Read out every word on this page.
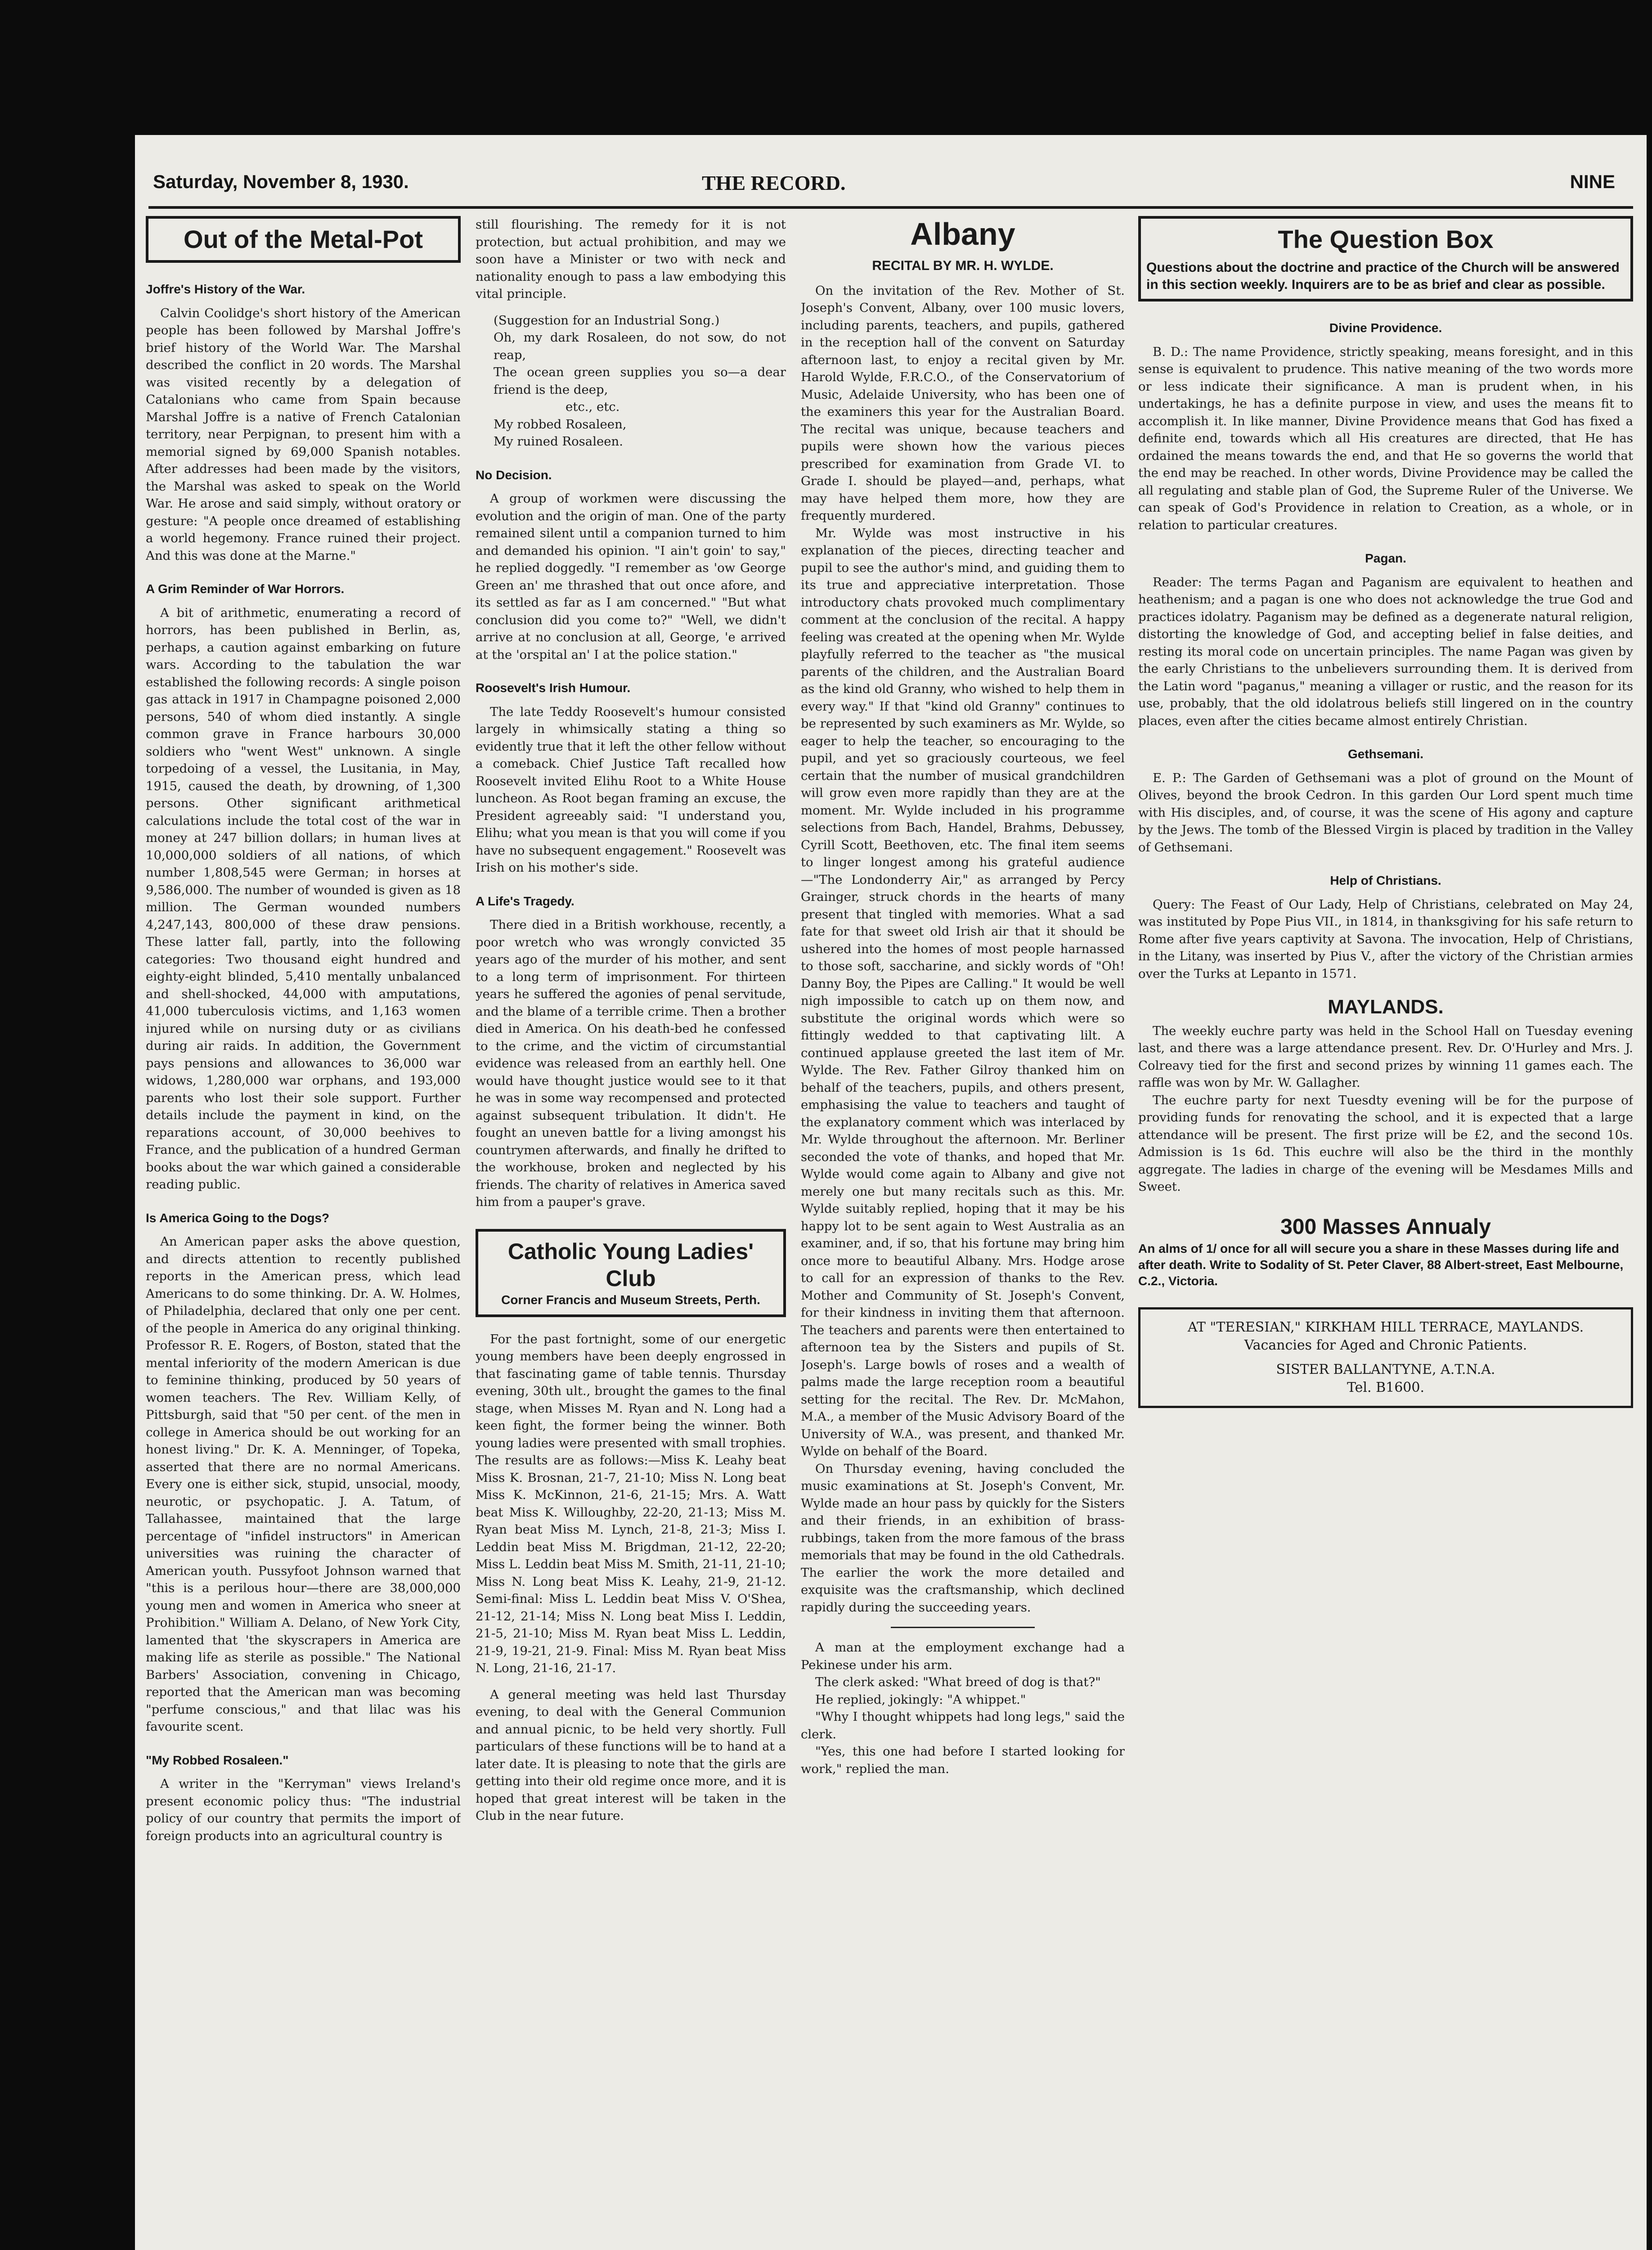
Saturday, November 8, 1930.	THE RECORD.	NINE
Out of the Metal-Pot
Joffre's History of the War.

Calvin Coolidge's short history of the American people has been followed by Marshal Joffre's brief history of the World War. The Marshal described the conflict in 20 words. The Marshal was visited recently by a delegation of Catalonians who came from Spain because Marshal Joffre is a native of French Catalonian territory, near Perpignan, to present him with a memorial signed by 69,000 Spanish notables. After addresses had been made by the visitors, the Marshal was asked to speak on the World War. He arose and said simply, without oratory or gesture: "A people once dreamed of establishing a world hegemony. France ruined their project. And this was done at the Marne."

A Grim Reminder of War Horrors.

A bit of arithmetic, enumerating a record of horrors, has been published in Berlin, as, perhaps, a caution against embarking on future wars. According to the tabulation the war established the following records: A single poison gas attack in 1917 in Champagne poisoned 2,000 persons, 540 of whom died instantly. A single common grave in France harbours 30,000 soldiers who "went West" unknown. A single torpedoing of a vessel, the Lusitania, in May, 1915, caused the death, by drowning, of 1,300 persons. Other significant arithmetical calculations include the total cost of the war in money at 247 billion dollars; in human lives at 10,000,000 soldiers of all nations, of which number 1,808,545 were German; in horses at 9,586,000. The number of wounded is given as 18 million. The German wounded numbers 4,247,143, 800,000 of these draw pensions. These latter fall, partly, into the following categories: Two thousand eight hundred and eighty-eight blinded, 5,410 mentally unbalanced and shell-shocked, 44,000 with amputations, 41,000 tuberculosis victims, and 1,163 women injured while on nursing duty or as civilians during air raids. In addition, the Government pays pensions and allowances to 36,000 war widows, 1,280,000 war orphans, and 193,000 parents who lost their sole support. Further details include the payment in kind, on the reparations account, of 30,000 beehives to France, and the publication of a hundred German books about the war which gained a considerable reading public.

Is America Going to the Dogs?

An American paper asks the above question, and directs attention to recently published reports in the American press, which lead Americans to do some thinking. Dr. A. W. Holmes, of Philadelphia, declared that only one per cent. of the people in America do any original thinking. Professor R. E. Rogers, of Boston, stated that the mental inferiority of the modern American is due to feminine thinking, produced by 50 years of women teachers. The Rev. William Kelly, of Pittsburgh, said that "50 per cent. of the men in college in America should be out working for an honest living." Dr. K. A. Menninger, of Topeka, asserted that there are no normal Americans. Every one is either sick, stupid, unsocial, moody, neurotic, or psychopatic. J. A. Tatum, of Tallahassee, maintained that the large percentage of "infidel instructors" in American universities was ruining the character of American youth. Pussyfoot Johnson warned that "this is a perilous hour—there are 38,000,000 young men and women in America who sneer at Prohibition." William A. Delano, of New York City, lamented that 'the skyscrapers in America are making life as sterile as possible." The National Barbers' Association, convening in Chicago, reported that the American man was becoming "perfume conscious," and that lilac was his favourite scent.

"My Robbed Rosaleen."

A writer in the "Kerryman" views Ireland's present economic policy thus: "The industrial policy of our country that permits the import of foreign products into an agricultural country is

still flourishing. The remedy for it is not protection, but actual prohibition, and may we soon have a Minister or two with neck and nationality enough to pass a law embodying this vital principle.

(Suggestion for an Industrial Song.)

Oh, my dark Rosaleen, do not sow, do not reap,

The ocean green supplies you so—a dear friend is the deep,

etc., etc.

My robbed Rosaleen,

My ruined Rosaleen.

No Decision.

A group of workmen were discussing the evolution and the origin of man. One of the party remained silent until a companion turned to him and demanded his opinion. "I ain't goin' to say," he replied doggedly. "I remember as 'ow George Green an' me thrashed that out once afore, and its settled as far as I am concerned." "But what conclusion did you come to?" "Well, we didn't arrive at no conclusion at all, George, 'e arrived at the 'orspital an' I at the police station."

Roosevelt's Irish Humour.

The late Teddy Roosevelt's humour consisted largely in whimsically stating a thing so evidently true that it left the other fellow without a comeback. Chief Justice Taft recalled how Roosevelt invited Elihu Root to a White House luncheon. As Root began framing an excuse, the President agreeably said: "I understand you, Elihu; what you mean is that you will come if you have no subsequent engagement." Roosevelt was Irish on his mother's side.

A Life's Tragedy.

There died in a British workhouse, recently, a poor wretch who was wrongly convicted 35 years ago of the murder of his mother, and sent to a long term of imprisonment. For thirteen years he suffered the agonies of penal servitude, and the blame of a terrible crime. Then a brother died in America. On his death-bed he confessed to the crime, and the victim of circumstantial evidence was released from an earthly hell. One would have thought justice would see to it that he was in some way recompensed and protected against subsequent tribulation. It didn't. He fought an uneven battle for a living amongst his countrymen afterwards, and finally he drifted to the workhouse, broken and neglected by his friends. The charity of relatives in America saved him from a pauper's grave.

Catholic Young Ladies' Club
Corner Francis and Museum Streets, Perth.

For the past fortnight, some of our energetic young members have been deeply engrossed in that fascinating game of table tennis. Thursday evening, 30th ult., brought the games to the final stage, when Misses M. Ryan and N. Long had a keen fight, the former being the winner. Both young ladies were presented with small trophies. The results are as follows:—Miss K. Leahy beat Miss K. Brosnan, 21-7, 21-10; Miss N. Long beat Miss K. McKinnon, 21-6, 21-15; Mrs. A. Watt beat Miss K. Willoughby, 22-20, 21-13; Miss M. Ryan beat Miss M. Lynch, 21-8, 21-3; Miss I. Leddin beat Miss M. Brigdman, 21-12, 22-20; Miss L. Leddin beat Miss M. Smith, 21-11, 21-10; Miss N. Long beat Miss K. Leahy, 21-9, 21-12. Semi-final: Miss L. Leddin beat Miss V. O'Shea, 21-12, 21-14; Miss N. Long beat Miss I. Leddin, 21-5, 21-10; Miss M. Ryan beat Miss L. Leddin, 21-9, 19-21, 21-9. Final: Miss M. Ryan beat Miss N. Long, 21-16, 21-17.

A general meeting was held last Thursday evening, to deal with the General Communion and annual picnic, to be held very shortly. Full particulars of these functions will be to hand at a later date. It is pleasing to note that the girls are getting into their old regime once more, and it is hoped that great interest will be taken in the Club in the near future.

Albany
RECITAL BY MR. H. WYLDE.

On the invitation of the Rev. Mother of St. Joseph's Convent, Albany, over 100 music lovers, including parents, teachers, and pupils, gathered in the reception hall of the convent on Saturday afternoon last, to enjoy a recital given by Mr. Harold Wylde, F.R.C.O., of the Conservatorium of Music, Adelaide University, who has been one of the examiners this year for the Australian Board. The recital was unique, because teachers and pupils were shown how the various pieces prescribed for examination from Grade VI. to Grade I. should be played—and, perhaps, what may have helped them more, how they are frequently murdered.

Mr. Wylde was most instructive in his explanation of the pieces, directing teacher and pupil to see the author's mind, and guiding them to its true and appreciative interpretation. Those introductory chats provoked much complimentary comment at the conclusion of the recital. A happy feeling was created at the opening when Mr. Wylde playfully referred to the teacher as "the musical parents of the children, and the Australian Board as the kind old Granny, who wished to help them in every way." If that "kind old Granny" continues to be represented by such examiners as Mr. Wylde, so eager to help the teacher, so encouraging to the pupil, and yet so graciously courteous, we feel certain that the number of musical grandchildren will grow even more rapidly than they are at the moment. Mr. Wylde included in his programme selections from Bach, Handel, Brahms, Debussey, Cyrill Scott, Beethoven, etc. The final item seems to linger longest among his grateful audience—"The Londonderry Air," as arranged by Percy Grainger, struck chords in the hearts of many present that tingled with memories. What a sad fate for that sweet old Irish air that it should be ushered into the homes of most people harnassed to those soft, saccharine, and sickly words of "Oh! Danny Boy, the Pipes are Calling." It would be well nigh impossible to catch up on them now, and substitute the original words which were so fittingly wedded to that captivating lilt. A continued applause greeted the last item of Mr. Wylde. The Rev. Father Gilroy thanked him on behalf of the teachers, pupils, and others present, emphasising the value to teachers and taught of the explanatory comment which was interlaced by Mr. Wylde throughout the afternoon. Mr. Berliner seconded the vote of thanks, and hoped that Mr. Wylde would come again to Albany and give not merely one but many recitals such as this. Mr. Wylde suitably replied, hoping that it may be his happy lot to be sent again to West Australia as an examiner, and, if so, that his fortune may bring him once more to beautiful Albany. Mrs. Hodge arose to call for an expression of thanks to the Rev. Mother and Community of St. Joseph's Convent, for their kindness in inviting them that afternoon. The teachers and parents were then entertained to afternoon tea by the Sisters and pupils of St. Joseph's. Large bowls of roses and a wealth of palms made the large reception room a beautiful setting for the recital. The Rev. Dr. McMahon, M.A., a member of the Music Advisory Board of the University of W.A., was present, and thanked Mr. Wylde on behalf of the Board.

On Thursday evening, having concluded the music examinations at St. Joseph's Convent, Mr. Wylde made an hour pass by quickly for the Sisters and their friends, in an exhibition of brass-rubbings, taken from the more famous of the brass memorials that may be found in the old Cathedrals. The earlier the work the more detailed and exquisite was the craftsmanship, which declined rapidly during the succeeding years.

A man at the employment exchange had a Pekinese under his arm.

The clerk asked: "What breed of dog is that?"

He replied, jokingly: "A whippet."

"Why I thought whippets had long legs," said the clerk.

"Yes, this one had before I started looking for work," replied the man.

The Question Box
Questions about the doctrine and practice of the Church will be answered in this section weekly. Inquirers are to be as brief and clear as possible.
Divine Providence.

B. D.: The name Providence, strictly speaking, means foresight, and in this sense is equivalent to prudence. This native meaning of the two words more or less indicate their significance. A man is prudent when, in his undertakings, he has a definite purpose in view, and uses the means fit to accomplish it. In like manner, Divine Providence means that God has fixed a definite end, towards which all His creatures are directed, that He has ordained the means towards the end, and that He so governs the world that the end may be reached. In other words, Divine Providence may be called the all regulating and stable plan of God, the Supreme Ruler of the Universe. We can speak of God's Providence in relation to Creation, as a whole, or in relation to particular creatures.

Pagan.

Reader: The terms Pagan and Paganism are equivalent to heathen and heathenism; and a pagan is one who does not acknowledge the true God and practices idolatry. Paganism may be defined as a degenerate natural religion, distorting the knowledge of God, and accepting belief in false deities, and resting its moral code on uncertain principles. The name Pagan was given by the early Christians to the unbelievers surrounding them. It is derived from the Latin word "paganus," meaning a villager or rustic, and the reason for its use, probably, that the old idolatrous beliefs still lingered on in the country places, even after the cities became almost entirely Christian.

Gethsemani.

E. P.: The Garden of Gethsemani was a plot of ground on the Mount of Olives, beyond the brook Cedron. In this garden Our Lord spent much time with His disciples, and, of course, it was the scene of His agony and capture by the Jews. The tomb of the Blessed Virgin is placed by tradition in the Valley of Gethsemani.

Help of Christians.

Query: The Feast of Our Lady, Help of Christians, celebrated on May 24, was instituted by Pope Pius VII., in 1814, in thanksgiving for his safe return to Rome after five years captivity at Savona. The invocation, Help of Christians, in the Litany, was inserted by Pius V., after the victory of the Christian armies over the Turks at Lepanto in 1571.

MAYLANDS.

The weekly euchre party was held in the School Hall on Tuesday evening last, and there was a large attendance present. Rev. Dr. O'Hurley and Mrs. J. Colreavy tied for the first and second prizes by winning 11 games each. The raffle was won by Mr. W. Gallagher.

The euchre party for next Tuesdty evening will be for the purpose of providing funds for renovating the school, and it is expected that a large attendance will be present. The first prize will be £2, and the second 10s. Admission is 1s 6d. This euchre will also be the third in the monthly aggregate. The ladies in charge of the evening will be Mesdames Mills and Sweet.

300 Masses Annualy
An alms of 1/ once for all will secure you a share in these Masses during life and after death. Write to Sodality of St. Peter Claver, 88 Albert-street, East Melbourne, C.2., Victoria.
AT "TERESIAN," KIRKHAM HILL TERRACE, MAYLANDS.
Vacancies for Aged and Chronic Patients.
SISTER BALLANTYNE, A.T.N.A.
Tel. B1600.
